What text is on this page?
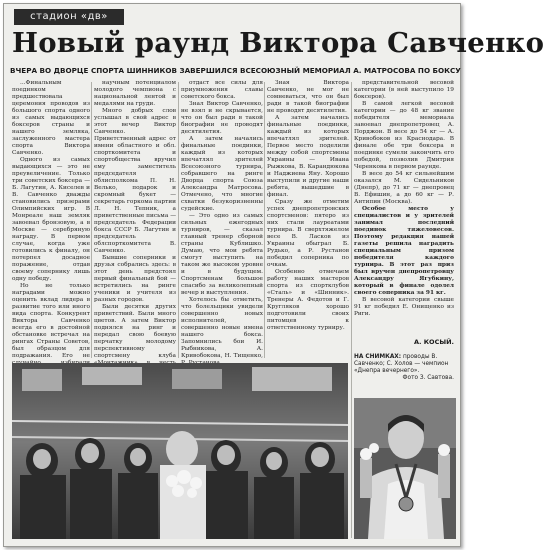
стадион «дв»
Новый раунд Виктора Савченко
ВЧЕРА ВО ДВОРЦЕ СПОРТА ШИННИКОВ ЗАВЕРШИЛСЯ ВСЕСОЮЗНЫЙ МЕМОРИАЛ А. МАТРОСОВА ПО БОКСУ

...Финальным поединком предшествовала церемония проводов из большого спорта одного из самых выдающихся боксеров страны и нашего земляка, заслуженного мастера спорта Виктора Савченко.

Одного из самых выдающихся — это не преувеличение. Только три советских боксера — Б. Лагутин, А. Киселев и В. Савченко дважды становились призерами Олимпийских игр. В Монреале наш земляк завоевал бронзовую, а в Москве — серебряную награду. В первом случае, когда уже готовились к финалу, он потерпел досадное поражение, отдав своему сопернику лишь одну победу.

Но не только наградами можно оценить вклад лидера в развитие того или иного вида спорта. Конкурент Виктора Савченко всегда его в достойной обстановке встречал на рингах Страны Советов, был образцом для подражания. Его не

научным потенциалом молодого чемпиона с национальной лентой и медалями на груди.

Много добрых слов услышал в свой адрес в этот вечер Виктор Савченко. Приветственный адрес от имени областного и обл. спорткомитета и спортобщества вручил ему заместитель председателя облисполкома П. Н. Велько, подарок и скромный букет — секретарь горкома партии Л. Н. Тепник, а приветственные письма — председатель Федерации бокса СССР Б. Лагутин и председатель облспорткомитета В. Савченко.

Бывшие соперники и друзья собрались здесь: в этот день предстоял первый финальный бой — встретились на ринге ученики и учителя из разных городов.

Были десятки других приветствий. Были много цветов. А затем Виктор поднялся на ринг и передал свою боевую перчатку молодому перспективному спортсмену клуба

отдаст все силы для приумножения славы советского бокса.

Знал Виктор Савченко, не взял и не скрывается, что он был ради в такой биографии не проводят десятилетия.

А затем начались финальные поединки, каждый из которых впечатлял зрителей Всесоюзного турнира, собравшего на ринге Дворца спорта Союза Александра Матросова. Отмечено, что многие схватки безукоризненны судейские.

— Это одно из самых сильных ежегодных турниров, — сказал главный тренер сборной страны Кублишко. Думаю, что мои ребята смогут выступить на таком же высоком уровне и в будущем. Спортсменам большое спасибо за великолепный вечер и выступления.

Хотелось бы отметить, что болельщики увидели совершенно новых исполнителей, совершенно новые имена нашего бокса. Запомнились бои И. Рыбникова, А. Кривобокова, Н. Тищенко,

Зная Виктора Савченко, не мог не сомневаться, что он был ради в такой биографии не проводят десятилетия.

А затем начались финальные поединки, каждый из которых впечатлял зрителей. Первое место поделили между собой спортсмены Украины — Ивана Рыжкова, В. Карандюкова и Наджиева Яну. Хорошо выступили и другие наши ребята, вышедшие в финал.

Сразу же отметим успех днепропетровских спортсменов: пятеро из них стали лауреатами турнира. В сверхтяжелом весе В. Ласков из Украины обыграл Б. Рудько, а Р. Рустанов победил соперника по очкам.

Особенно отмечаем работу наших мастеров спорта из спортклубов «Сталь» и «Шинник». Тренеры А. Федотов и Г. Кругляков хорошо подготовили своих питомцев к ответственному турниру.

представительной весовой категории (в ней выступило 19 боксеров).

В самой легкой весовой категории — до 48 кг звание победителя мемориала завоевал днепропетровец А. Порджон. В весе до 54 кг — А. Кривобоков из Краснодара. В финале обе три боксера в поединке сумели закончить его победой, позволив Дмитрия Черенкова в первом раунде.

В весе до 54 кг сильнейшим оказался М. Сидельников (Днепр), до 71 кг — днепровец В. Ефишин, а до 60 кг — Р. Антипин (Москва).

Особое место у специалистов и у зрителей занимал последний поединок тяжеловесов. Поэтому редакция нашей газеты решила наградить специальным призом победителя каждого турнира. В этот раз приз был вручен днепропетровцу Александру Ягубкину, который в финале одолел своего соперника за 91 кг.

В весовой категории свыше 91 кг победил Е. Онищенко из Риги.

А. КОСЫЙ.
НА СНИМКАХ: проводы В. Савченко; С. Холов — чемпион «Днепра вечернего».
Фото З. Савтова.
